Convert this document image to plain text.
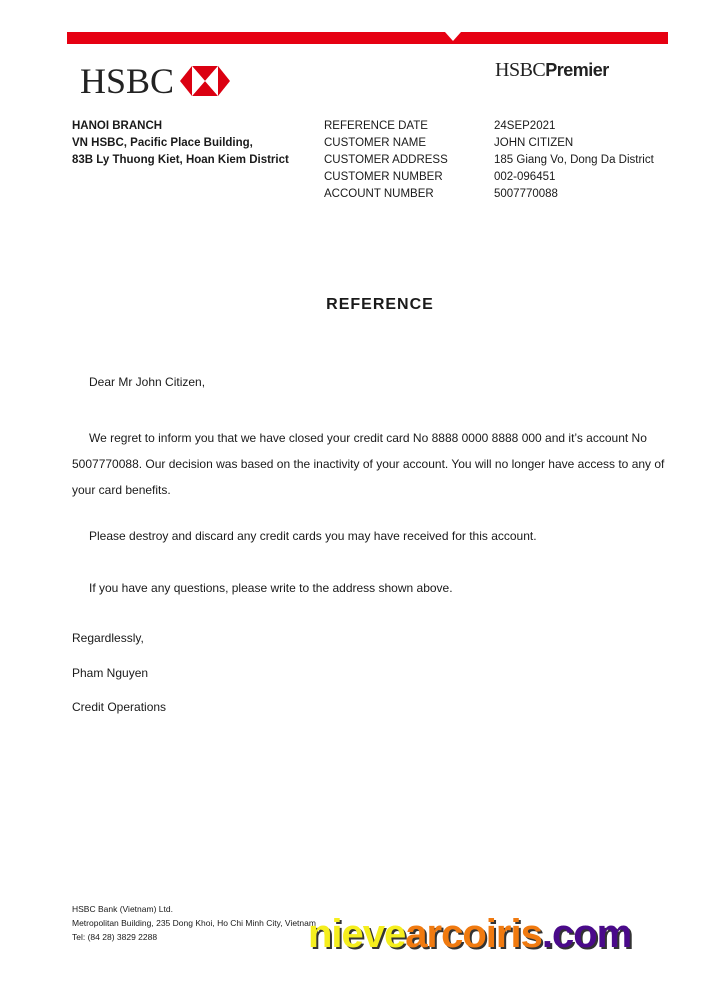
HSBC	HSBCPremier
HANOI BRANCH
VN HSBC, Pacific Place Building,
83B Ly Thuong Kiet, Hoan Kiem District
REFERENCE DATE
CUSTOMER NAME
CUSTOMER ADDRESS
CUSTOMER NUMBER
ACCOUNT NUMBER
24SEP2021
JOHN CITIZEN
185 Giang Vo, Dong Da District
002-096451
5007770088
REFERENCE
Dear Mr John Citizen,
We regret to inform you that we have closed your credit card No 8888 0000 8888 000 and it’s account No 5007770088. Our decision was based on the inactivity of your account. You will no longer have access to any of your card benefits.
Please destroy and discard any credit cards you may have received for this account.
If you have any questions, please write to the address shown above.
Regardlessly,
Pham Nguyen
Credit Operations
HSBC Bank (Vietnam) Ltd.
Metropolitan Building, 235 Dong Khoi, Ho Chi Minh City, Vietnam
Tel: (84 28) 3829 2288	nievearcoiris.com
